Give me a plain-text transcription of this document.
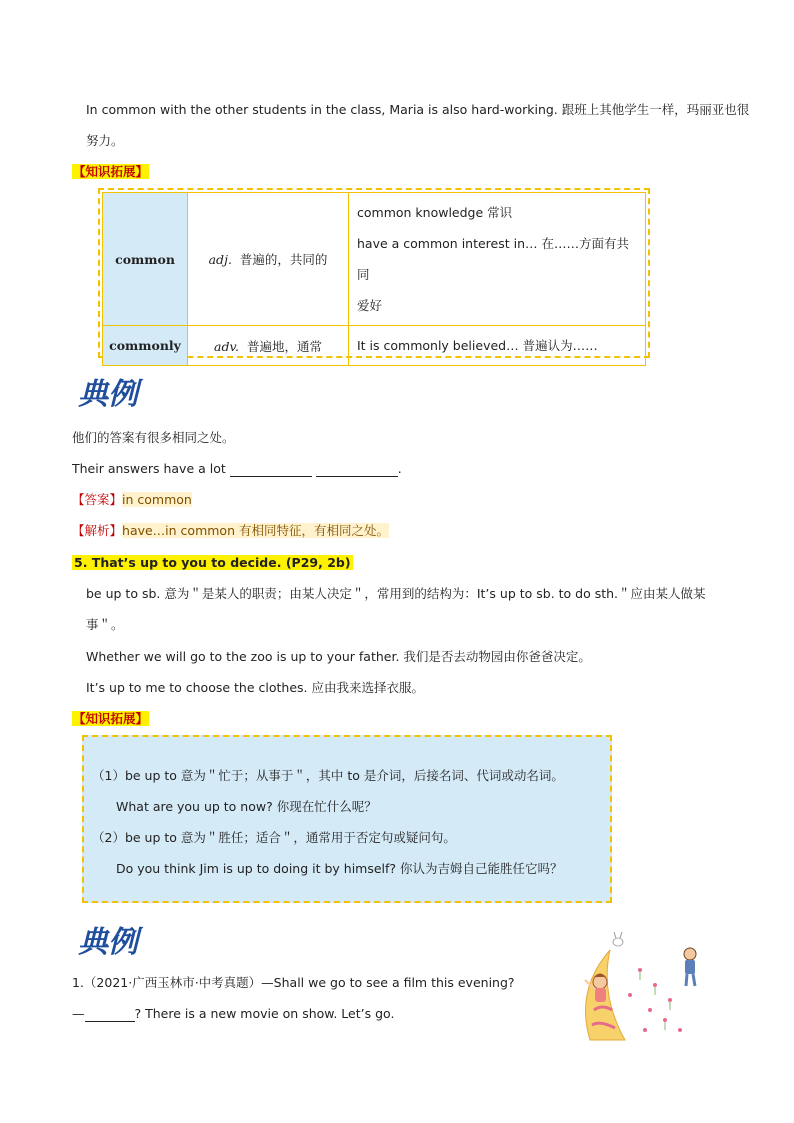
In common with the other students in the class, Maria is also hard-working. 跟班上其他学生一样，玛丽亚也很
努力。
【知识拓展】
common	adj. 普遍的，共同的	common knowledge 常识
have a common interest in… 在……方面有共同
爱好

commonly	adv. 普遍地，通常	It is commonly believed… 普遍认为……
典例
他们的答案有很多相同之处。
Their answers have a lot	.
【答案】in common
【解析】have…in common 有相同特征，有相同之处。
5. That’s up to you to decide. (P29, 2b)
be up to sb. 意为＂是某人的职责；由某人决定＂，常用到的结构为：It’s up to sb. to do sth.＂应由某人做某
事＂。
Whether we will go to the zoo is up to your father. 我们是否去动物园由你爸爸决定。
It’s up to me to choose the clothes. 应由我来选择衣服。
【知识拓展】
（1）be up to 意为＂忙于；从事于＂，其中 to 是介词，后接名词、代词或动名词。
What are you up to now? 你现在忙什么呢？
（2）be up to 意为＂胜任；适合＂，通常用于否定句或疑问句。
Do you think Jim is up to doing it by himself? 你认为吉姆自己能胜任它吗？
典例
1.（2021·广西玉林市·中考真题）—Shall we go to see a film this evening?
—	? There is a new movie on show. Let’s go.
